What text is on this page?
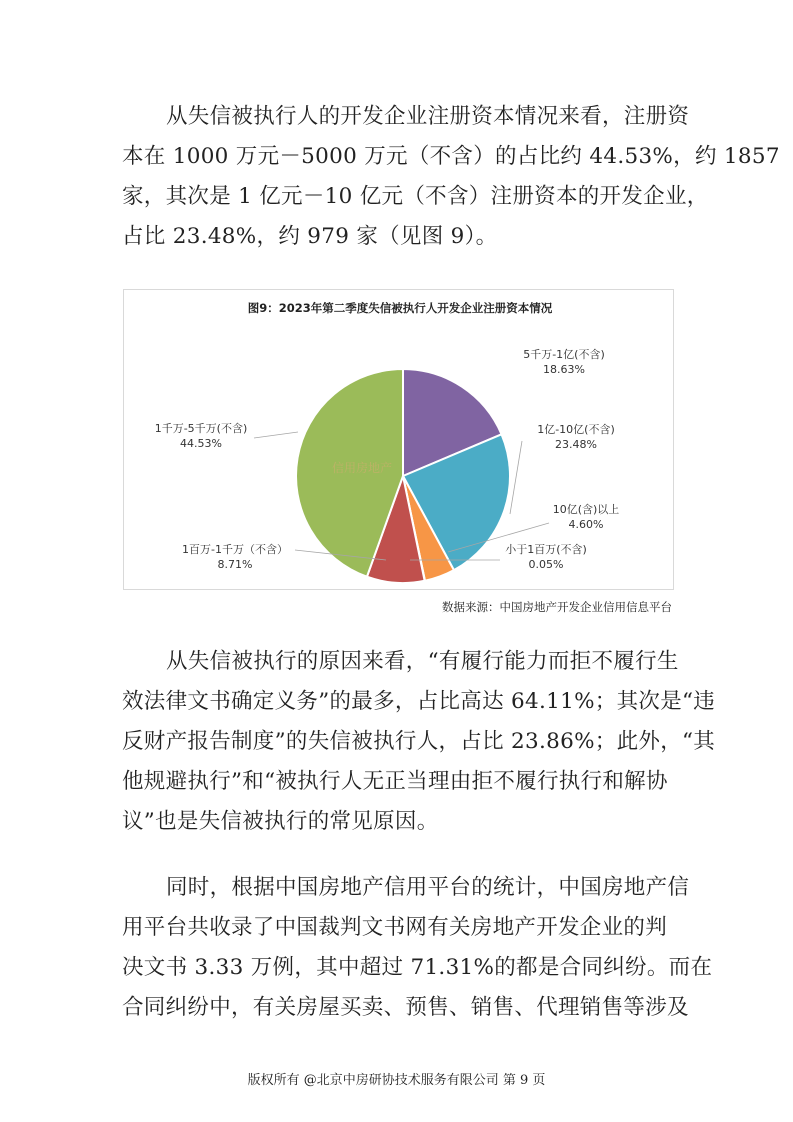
从失信被执行人的开发企业注册资本情况来看，注册资
本在 1000 万元－5000 万元（不含）的占比约 44.53%，约 1857
家，其次是 1 亿元－10 亿元（不含）注册资本的开发企业，
占比 23.48%，约 979 家（见图 9）。

图9：2023年第二季度失信被执行人开发企业注册资本情况
信用房地产
5千万-1亿(不含)
18.63%
1亿-10亿(不含)
23.48%
10亿(含)以上
4.60%
小于1百万(不含)
0.05%
1百万-1千万（不含）
8.71%
1千万-5千万(不含)
44.53%
数据来源：中国房地产开发企业信用信息平台

从失信被执行的原因来看，“有履行能力而拒不履行生
效法律文书确定义务”的最多，占比高达 64.11%；其次是“违
反财产报告制度”的失信被执行人，占比 23.86%；此外，“其
他规避执行”和“被执行人无正当理由拒不履行执行和解协
议”也是失信被执行的常见原因。

同时，根据中国房地产信用平台的统计，中国房地产信
用平台共收录了中国裁判文书网有关房地产开发企业的判
决文书 3.33 万例，其中超过 71.31%的都是合同纠纷。而在
合同纠纷中，有关房屋买卖、预售、销售、代理销售等涉及

版权所有 @北京中房研协技术服务有限公司 第 9 页
